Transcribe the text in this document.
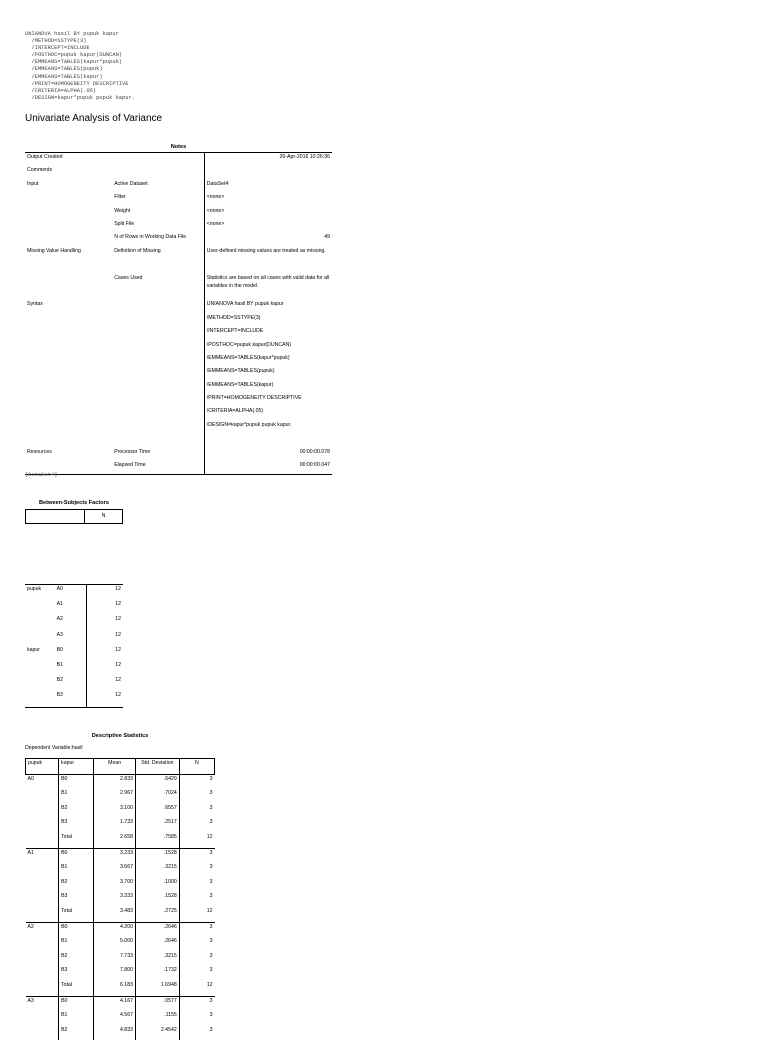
UNIANOVA hasil BY pupuk kapur
/METHOD=SSTYPE(3)
/INTERCEPT=INCLUDE
/POSTHOC=pupuk kapur(DUNCAN)
/EMMEANS=TABLES(kapur*pupuk)
/EMMEANS=TABLES(pupuk)
/EMMEANS=TABLES(kapur)
/PRINT=HOMOGENEITY DESCRIPTIVE
/CRITERIA=ALPHA(.05)
/DESIGN=kapur*pupuk pupuk kapur.
Univariate Analysis of Variance
Notes
Output Created		26-Apr-2016 10:26:36
Comments		
Input	Active Dataset	DataSet4
	Filter	<none>
	Weight	<none>
	Split File	<none>
	N of Rows in Working Data File	49
Missing Value Handling	Definition of Missing	User-defined missing values are treated as missing.
	Cases Used	Statistics are based on all cases with valid data for all variables in the model.
Syntax		UNIANOVA hasil BY pupuk kapur
		/METHOD=SSTYPE(3)
		/INTERCEPT=INCLUDE
		/POSTHOC=pupuk kapur(DUNCAN)
		/EMMEANS=TABLES(kapur*pupuk)
		/EMMEANS=TABLES(pupuk)
		/EMMEANS=TABLES(kapur)
		/PRINT=HOMOGENEITY DESCRIPTIVE
		/CRITERIA=ALPHA(.05)
		/DESIGN=kapur*pupuk pupuk kapur.

Resources	Processor Time	00:00:00.078
	Elapsed Time	00:00:00.047
[DataSet4]
Between-Subjects Factors
	N
pupuk	A0	12
	A1	12
	A2	12
	A3	12
kapur	B0	12
	B1	12
	B2	12
	B3	12
Descriptive Statistics
Dependent Variable:hasil
pupuk	kapur	Mean	Std. Deviation	N
A0	B0	2.833	.6429	3
	B1	2.967	.7024	3
	B2	3.100	.6557	3
	B3	1.733	.2517	3
	Total	2.658	.7585	12
A1	B0	3.233	.1528	3
	B1	3.667	.3215	3
	B2	3.700	.1000	3
	B3	3.333	.1528	3
	Total	3.483	.2725	12
A2	B0	4.200	.2646	3
	B1	5.000	.2646	3
	B2	7.733	.3215	3
	B3	7.800	.1732	3
	Total	6.183	1.6948	12
A3	B0	4.167	.0577	3
	B1	4.567	.1155	3
	B2	4.833	2.4542	3
